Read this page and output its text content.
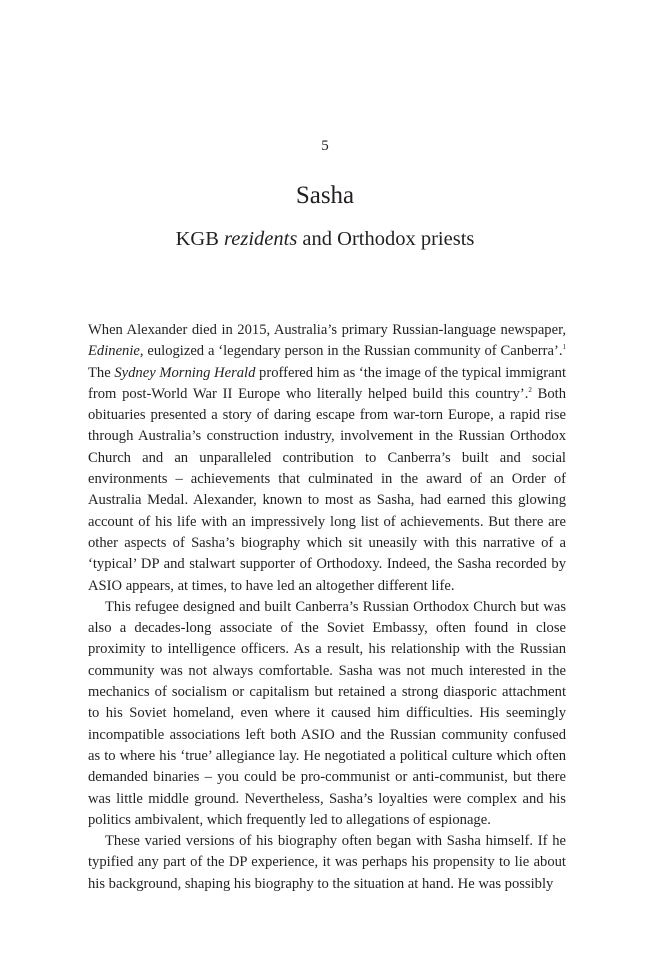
5
Sasha
KGB rezidents and Orthodox priests

When Alexander died in 2015, Australia’s primary Russian-language newspaper, Edinenie, eulogized a ‘legendary person in the Russian community of Canberra’.$^1$ The Sydney Morning Herald proffered him as ‘the image of the typical immigrant from post-World War II Europe who literally helped build this country’.$^2$ Both obituaries presented a story of daring escape from war-torn Europe, a rapid rise through Australia’s construction industry, involvement in the Russian Orthodox Church and an unparalleled contribution to Canberra’s built and social environments – achievements that culminated in the award of an Order of Australia Medal. Alexander, known to most as Sasha, had earned this glowing account of his life with an impressively long list of achievements. But there are other aspects of Sasha’s biography which sit uneasily with this narrative of a ‘typical’ DP and stalwart supporter of Orthodoxy. Indeed, the Sasha recorded by ASIO appears, at times, to have led an altogether different life.

This refugee designed and built Canberra’s Russian Orthodox Church but was also a decades-long associate of the Soviet Embassy, often found in close proximity to intelligence officers. As a result, his relationship with the Russian community was not always comfortable. Sasha was not much interested in the mechanics of socialism or capitalism but retained a strong diasporic attachment to his Soviet homeland, even where it caused him difficulties. His seemingly incompatible associations left both ASIO and the Russian community confused as to where his ‘true’ allegiance lay. He negotiated a political culture which often demanded binaries – you could be pro-communist or anti-communist, but there was little middle ground. Nevertheless, Sasha’s loyalties were complex and his politics ambivalent, which frequently led to allegations of espionage.

These varied versions of his biography often began with Sasha himself. If he typified any part of the DP experience, it was perhaps his propensity to lie about his background, shaping his biography to the situation at hand. He was possibly
